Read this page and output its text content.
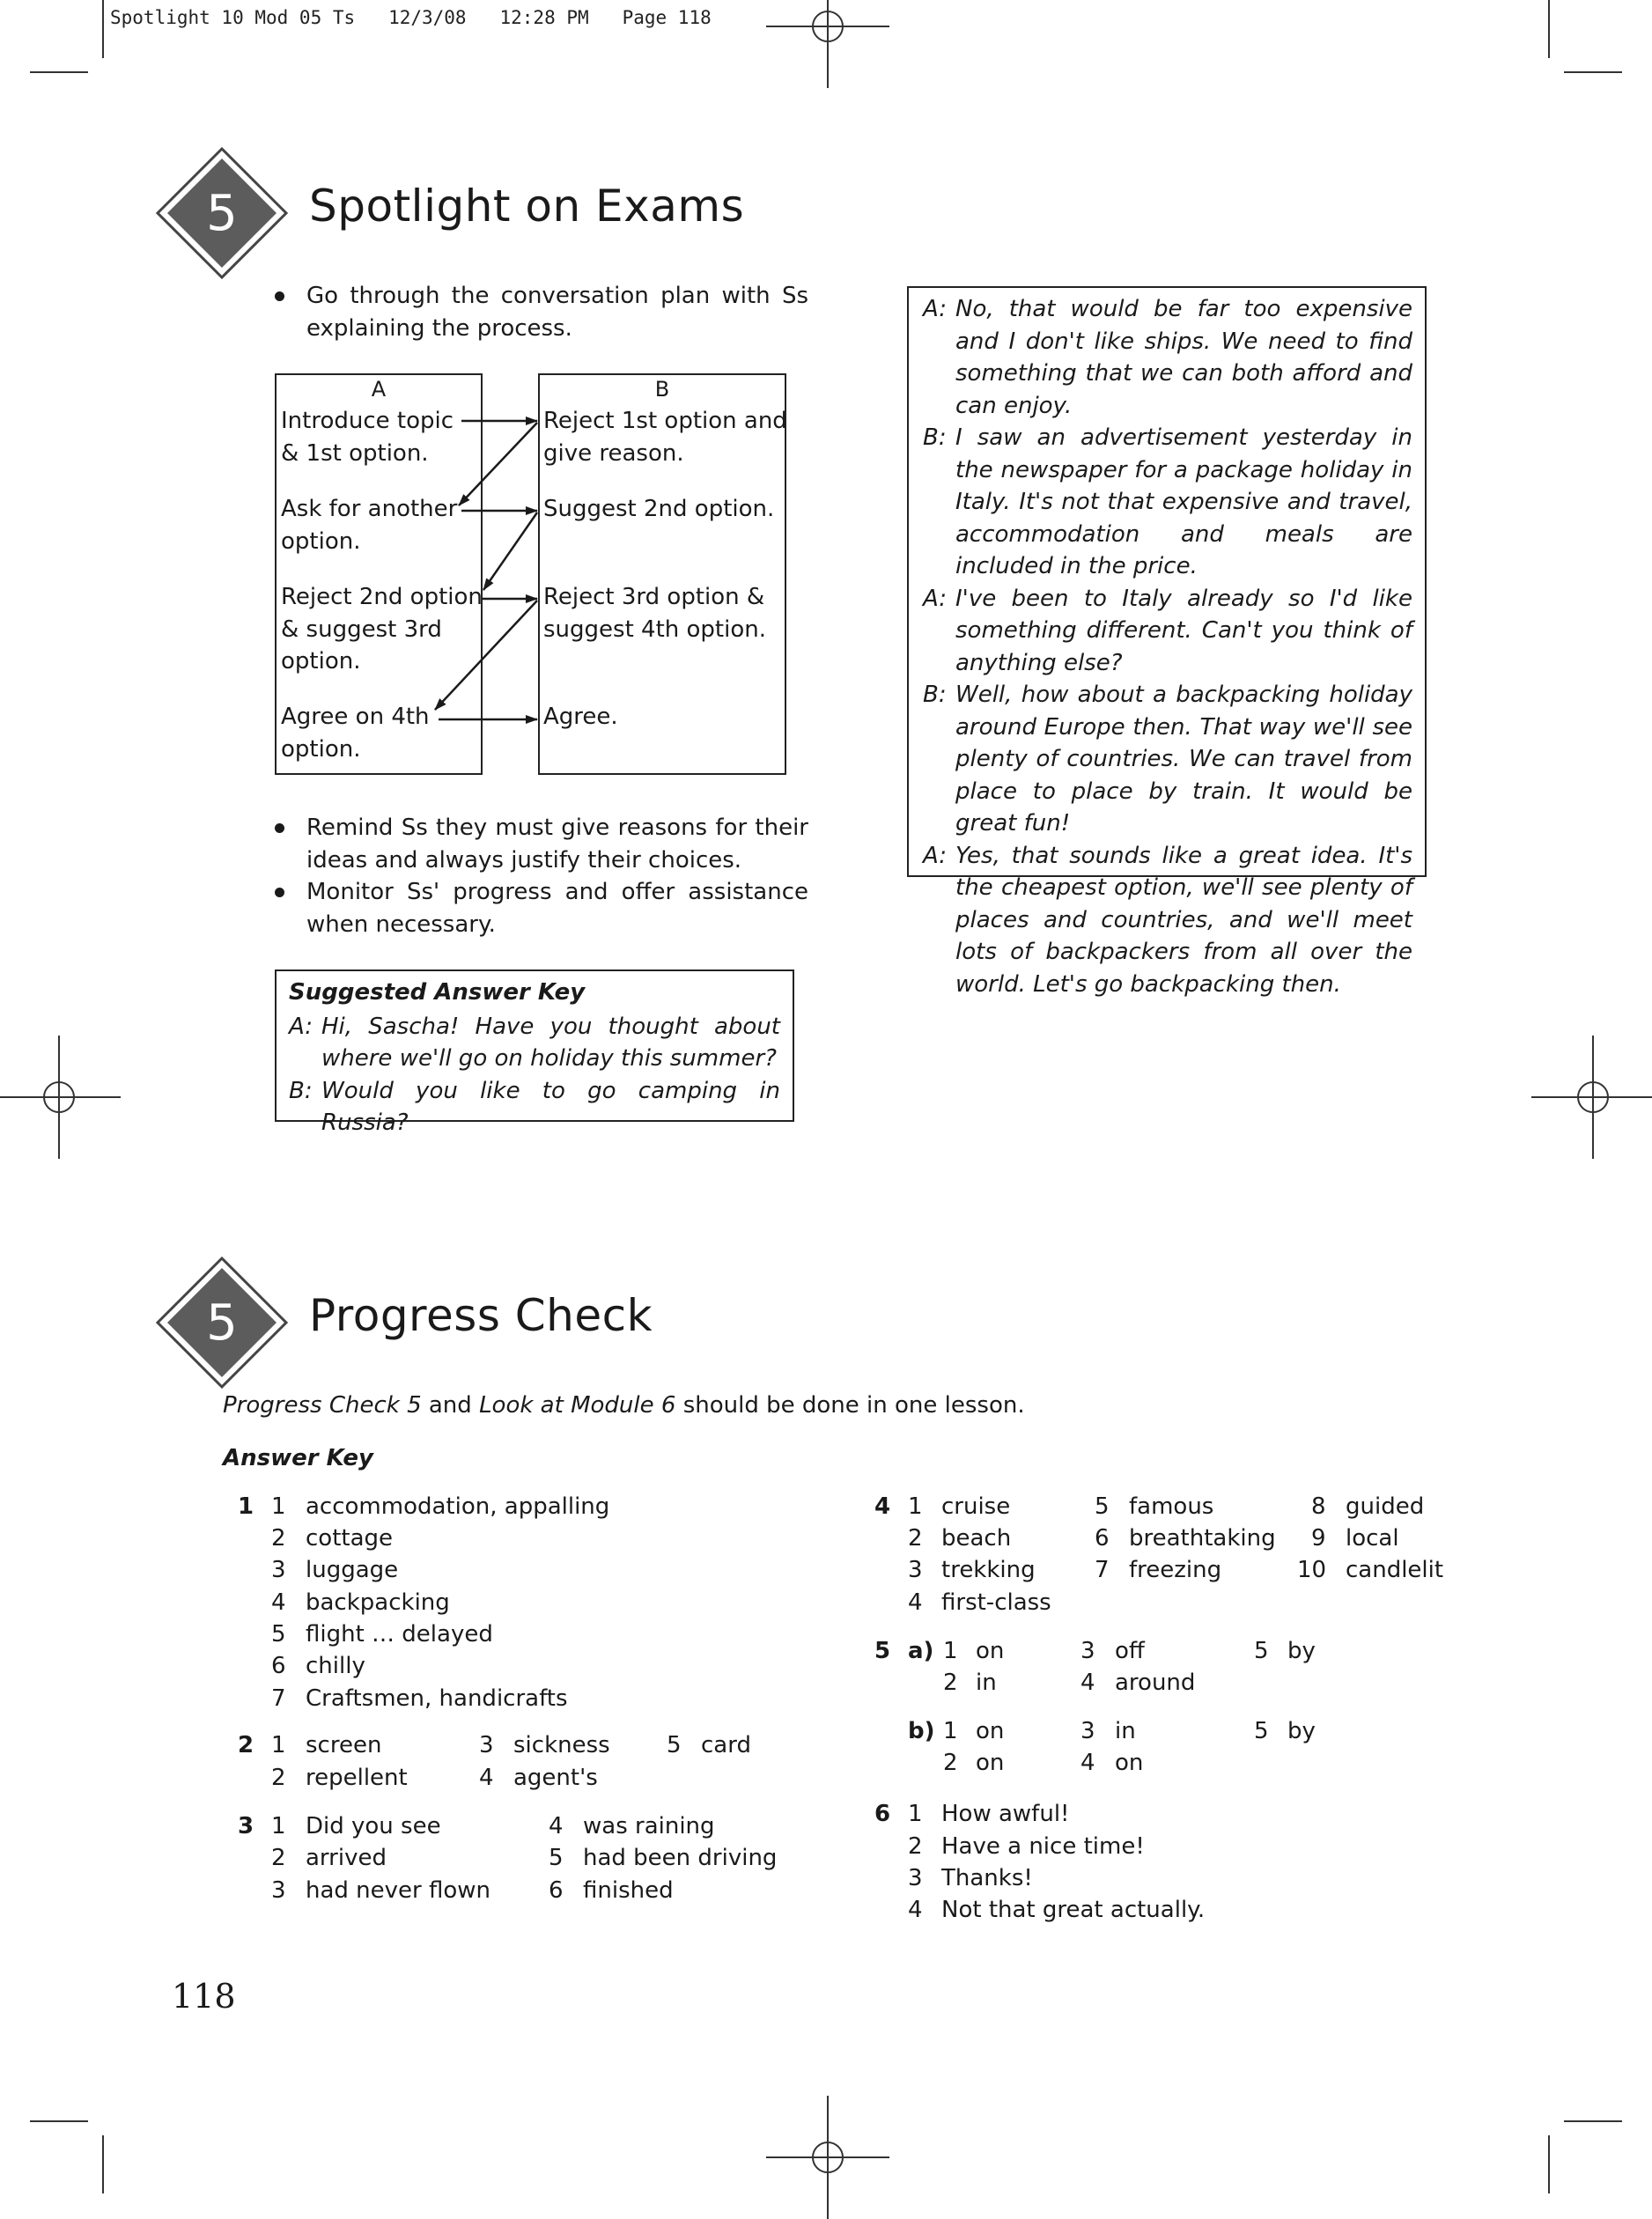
Spotlight 10 Mod 05 Ts   12/3/08   12:28 PM   Page 118
5	Spotlight on Exams
Go through the conversation plan with Ss explaining the process.
A	B
Introduce topic
& 1st option.
Ask for another
option.
Reject 2nd option
& suggest 3rd
option.
Agree on 4th
option.
Reject 1st option and
give reason.
Suggest 2nd option.
Reject 3rd option &
suggest 4th option.
Agree.
Remind Ss they must give reasons for their ideas and always justify their choices.
Monitor Ss' progress and offer assistance when necessary.
Suggested Answer Key
A: Hi, Sascha! Have you thought about where we'll go on holiday this summer?
B: Would you like to go camping in Russia?
A: No, that would be far too expensive and I don't like ships. We need to find something that we can both afford and can enjoy.
B: I saw an advertisement yesterday in the newspaper for a package holiday in Italy. It's not that expensive and travel, accommodation and meals are included in the price.
A: I've been to Italy already so I'd like something different. Can't you think of anything else?
B: Well, how about a backpacking holiday around Europe then. That way we'll see plenty of countries. We can travel from place to place by train. It would be great fun!
A: Yes, that sounds like a great idea. It's the cheapest option, we'll see plenty of places and countries, and we'll meet lots of backpackers from all over the world. Let's go backpacking then.
5	Progress Check
Progress Check 5 and Look at Module 6 should be done in one lesson.
Answer Key
1 1 accommodation, appalling
2 cottage
3 luggage
4 backpacking
5 flight … delayed
6 chilly
7 Craftsmen, handicrafts
2 1 screen
2 repellent
3 sickness
4 agent's
5 card
3 1 Did you see
2 arrived
3 had never flown
4 was raining
5 had been driving
6 finished
4 1 cruise
2 beach
3 trekking
4 first-class
5 famous
6 breathtaking
7 freezing
8 guided
9 local
10 candlelit
5 a) 1 on
2 in
3 off
4 around
5 by
b) 1 on
2 on
3 in
4 on
5 by
6 1 How awful!
2 Have a nice time!
3 Thanks!
4 Not that great actually.
118
